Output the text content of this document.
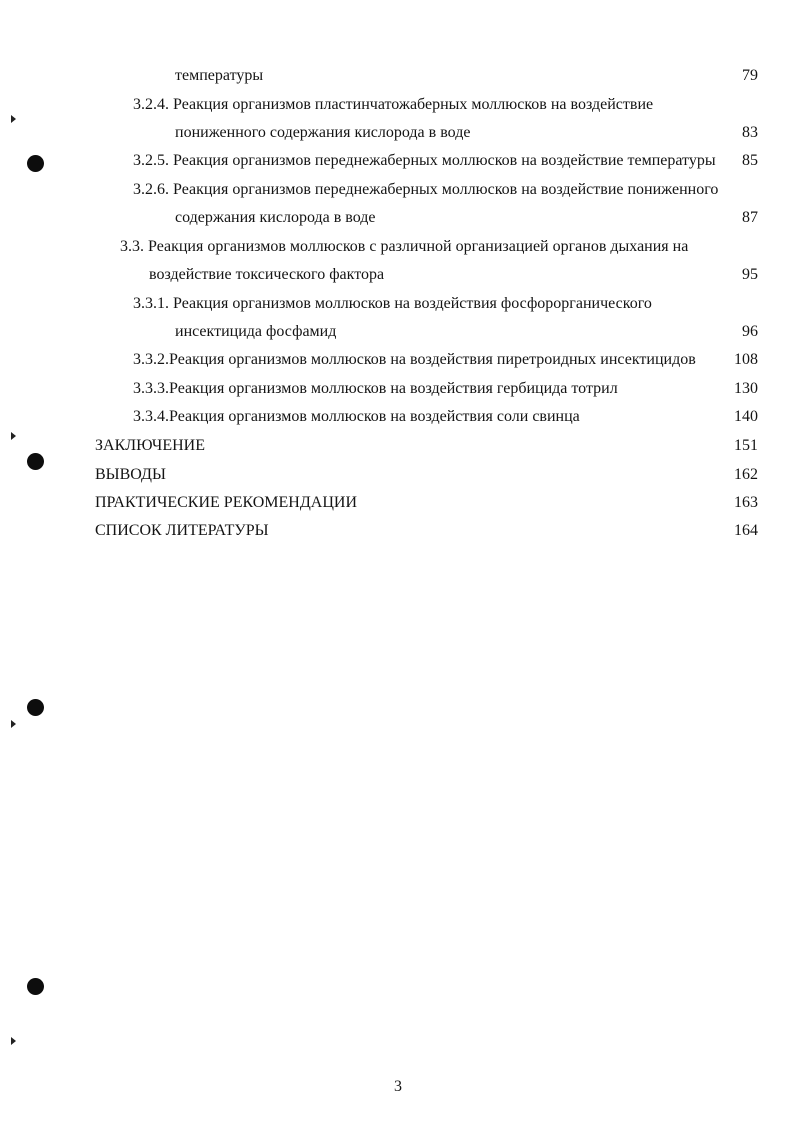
температуры	79
3.2.4. Реакция организмов пластинчатожаберных моллюсков на воздействие
пониженного содержания кислорода в воде	83
3.2.5. Реакция организмов переднежаберных моллюсков на воздействие температуры 85
3.2.6. Реакция организмов переднежаберных моллюсков на воздействие пониженного
содержания кислорода в воде	87
3.3. Реакция организмов моллюсков с различной организацией органов дыхания на
воздействие токсического фактора	95
3.3.1. Реакция организмов моллюсков на воздействия фосфорорганического
инсектицида фосфамид	96
3.3.2.Реакция организмов моллюсков на воздействия пиретроидных инсектицидов 108
3.3.3.Реакция организмов моллюсков на воздействия гербицида тотрил	130
3.3.4.Реакция организмов моллюсков на воздействия соли свинца	140
ЗАКЛЮЧЕНИЕ	151
ВЫВОДЫ	162
ПРАКТИЧЕСКИЕ РЕКОМЕНДАЦИИ	163
СПИСОК ЛИТЕРАТУРЫ	164
3
